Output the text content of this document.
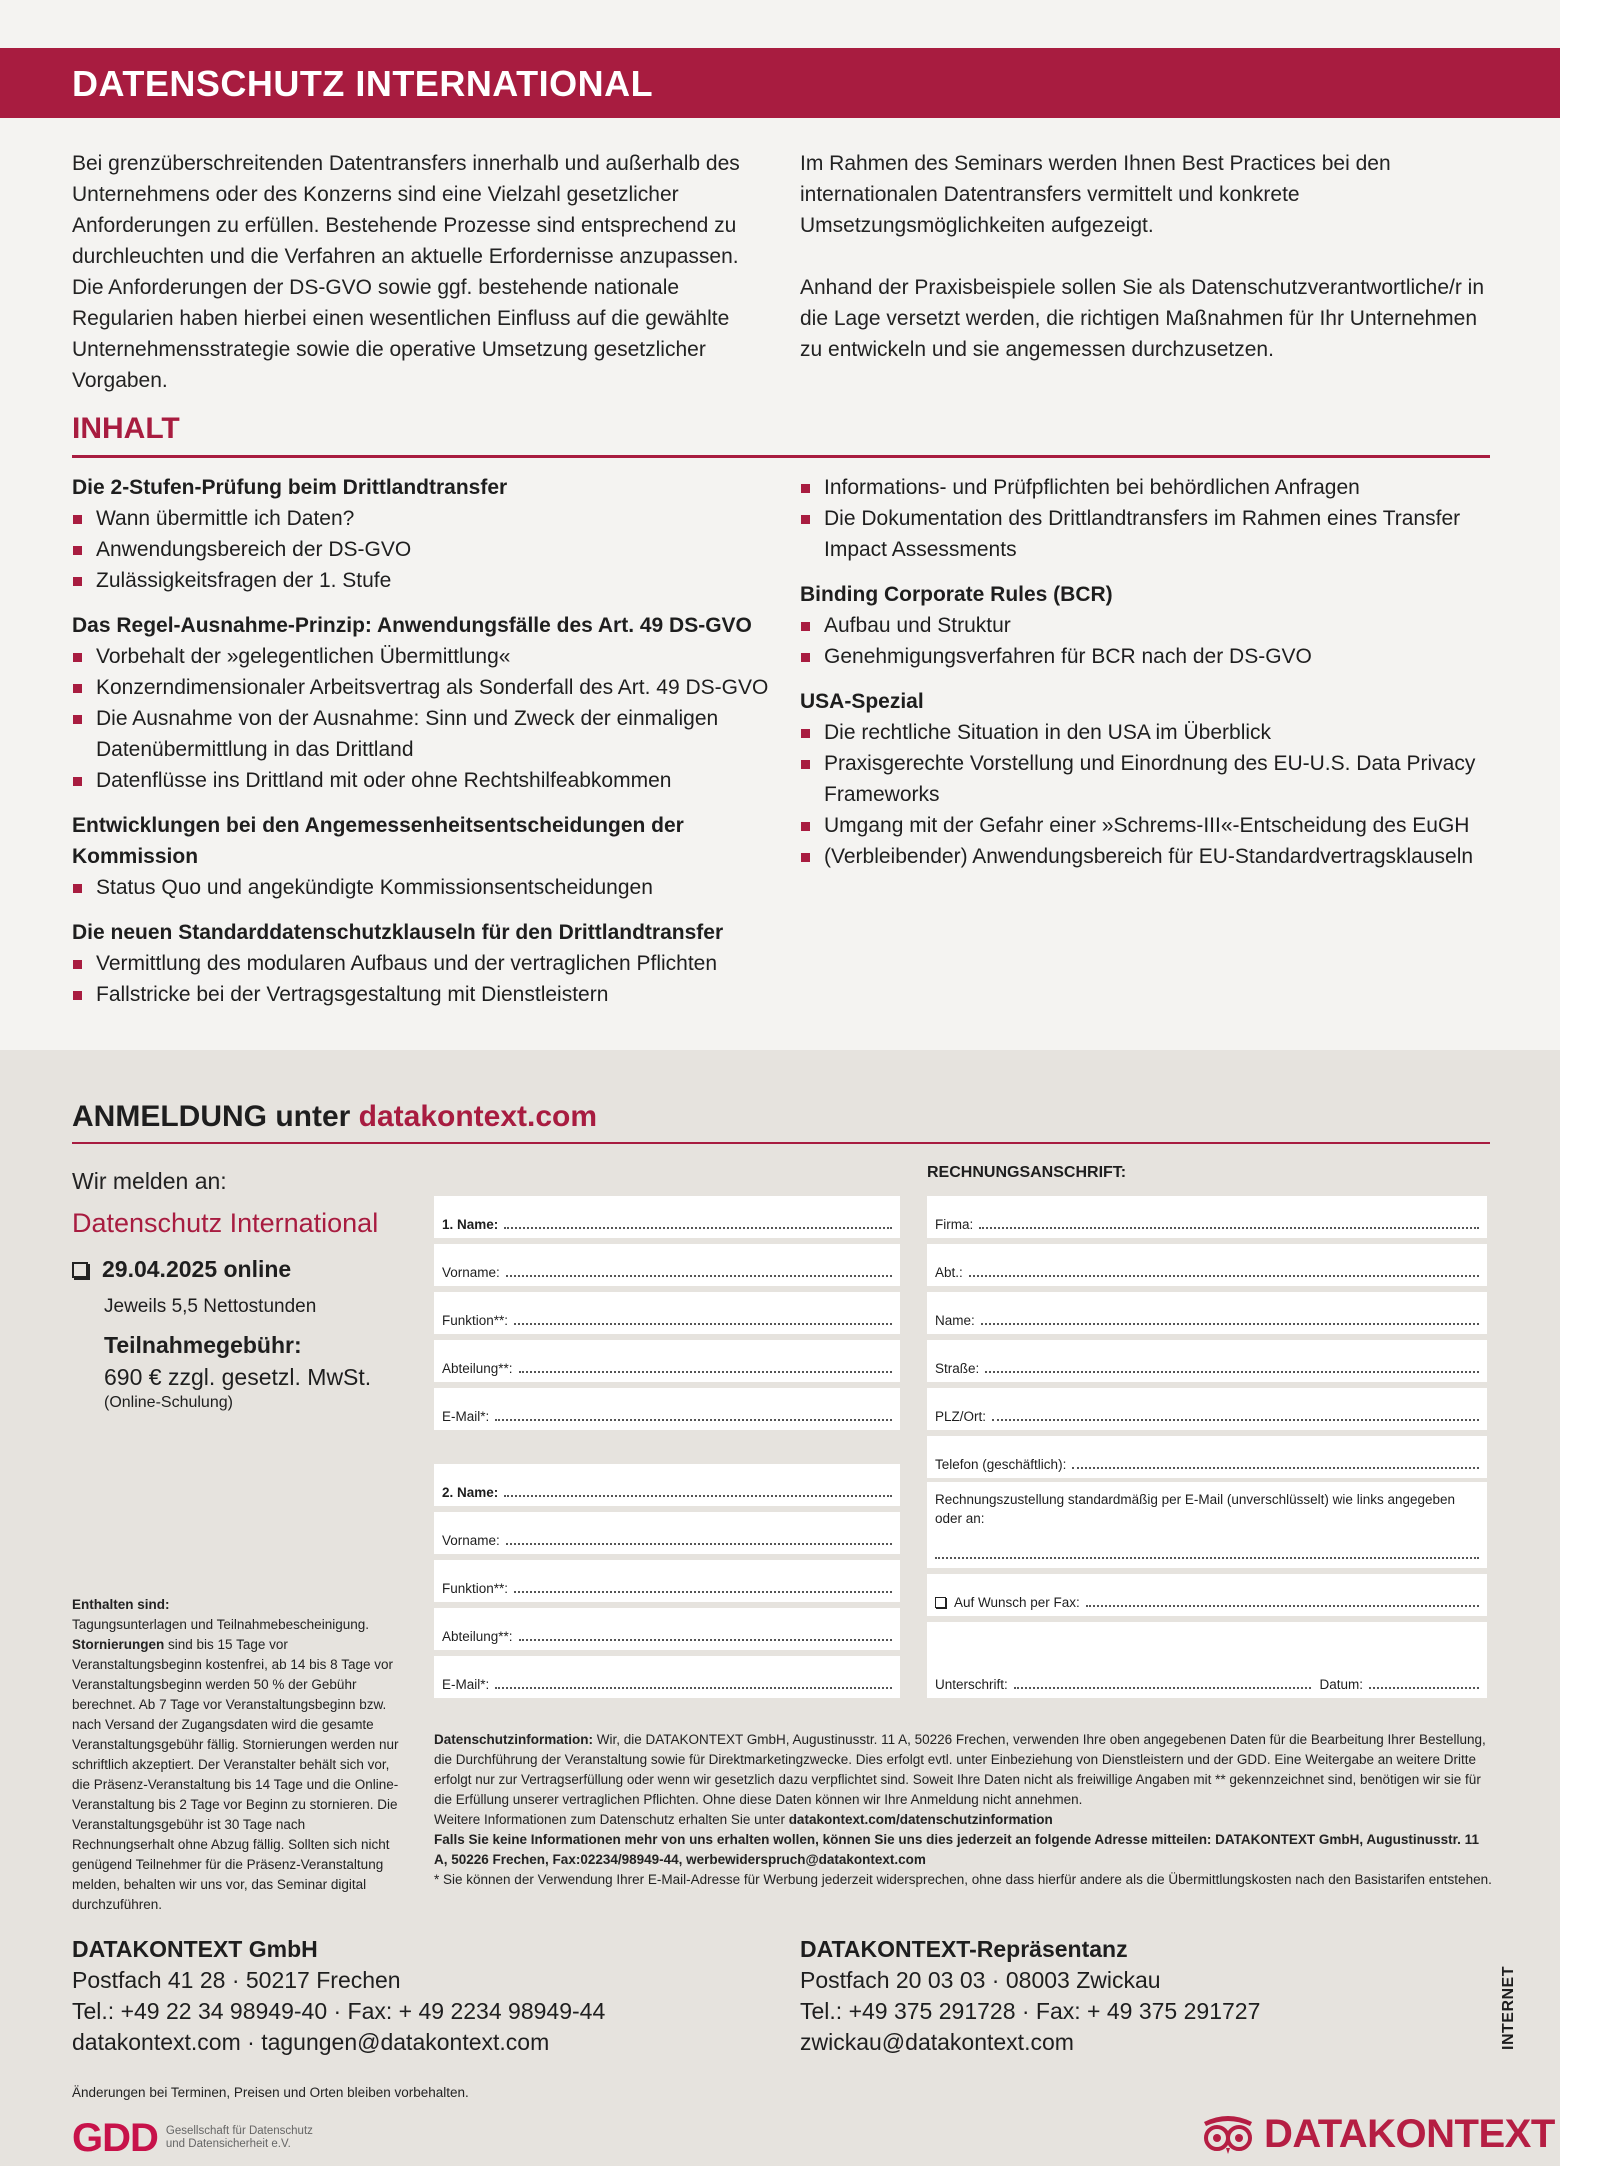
DATENSCHUTZ INTERNATIONAL

Bei grenzüberschreitenden Datentransfers innerhalb und außerhalb des Unternehmens oder des Konzerns sind eine Vielzahl gesetzlicher Anforderungen zu erfüllen. Bestehende Prozesse sind entsprechend zu durchleuchten und die Verfahren an aktuelle Erfordernisse anzupassen. Die Anforderungen der DS-GVO sowie ggf. bestehende nationale Regularien haben hierbei einen wesentlichen Einfluss auf die gewählte Unternehmensstrategie sowie die operative Umsetzung gesetzlicher Vorgaben.

Im Rahmen des Seminars werden Ihnen Best Practices bei den internationalen Datentransfers vermittelt und konkrete Umsetzungsmöglichkeiten aufgezeigt.

Anhand der Praxisbeispiele sollen Sie als Datenschutzverantwortliche/r in die Lage versetzt werden, die richtigen Maßnahmen für Ihr Unternehmen zu entwickeln und sie angemessen durchzusetzen.

INHALT
Die 2-Stufen-Prüfung beim Drittlandtransfer
Wann übermittle ich Daten?
Anwendungsbereich der DS-GVO
Zulässigkeitsfragen der 1. Stufe
Das Regel-Ausnahme-Prinzip: Anwendungsfälle des Art. 49 DS-GVO
Vorbehalt der »gelegentlichen Übermittlung«
Konzerndimensionaler Arbeitsvertrag als Sonderfall des Art. 49 DS-GVO
Die Ausnahme von der Ausnahme: Sinn und Zweck der einmaligen Datenübermittlung in das Drittland
Datenflüsse ins Drittland mit oder ohne Rechtshilfeabkommen
Entwicklungen bei den Angemessenheitsentscheidungen der Kommission
Status Quo und angekündigte Kommissionsentscheidungen
Die neuen Standarddatenschutzklauseln für den Drittlandtransfer
Vermittlung des modularen Aufbaus und der vertraglichen Pflichten
Fallstricke bei der Vertragsgestaltung mit Dienstleistern
Informations- und Prüfpflichten bei behördlichen Anfragen
Die Dokumentation des Drittlandtransfers im Rahmen eines Transfer Impact Assessments
Binding Corporate Rules (BCR)
Aufbau und Struktur
Genehmigungsverfahren für BCR nach der DS-GVO
USA-Spezial
Die rechtliche Situation in den USA im Überblick
Praxisgerechte Vorstellung und Einordnung des EU-U.S. Data Privacy Frameworks
Umgang mit der Gefahr einer »Schrems-III«-Entscheidung des EuGH
(Verbleibender) Anwendungsbereich für EU-Standardvertragsklauseln
ANMELDUNG unter datakontext.com
Wir melden an:
Datenschutz International
29.04.2025 online
Jeweils 5,5 Nettostunden
Teilnahmegebühr:
690 € zzgl. gesetzl. MwSt.
(Online-Schulung)
1. Name:
Vorname:
Funktion**:
Abteilung**:
E-Mail*:
2. Name:
Vorname:
Funktion**:
Abteilung**:
E-Mail*:
RECHNUNGSANSCHRIFT:
Firma:
Abt.:
Name:
Straße:
PLZ/Ort:
Telefon (geschäftlich):
Rechnungszustellung standardmäßig per E-Mail (unverschlüsselt) wie links angegeben oder an:
Auf Wunsch per Fax:
Unterschrift:	Datum:
Enthalten sind:
Tagungsunterlagen und Teilnahmebescheinigung.
Stornierungen sind bis 15 Tage vor Veranstaltungsbeginn kostenfrei, ab 14 bis 8 Tage vor Veranstaltungsbeginn werden 50 % der Gebühr berechnet. Ab 7 Tage vor Veranstaltungsbeginn bzw. nach Versand der Zugangsdaten wird die gesamte Veranstaltungsgebühr fällig. Stornierungen werden nur schriftlich akzeptiert. Der Veranstalter behält sich vor, die Präsenz-Veranstaltung bis 14 Tage und die Online-Veranstaltung bis 2 Tage vor Beginn zu stornieren. Die Veranstaltungsgebühr ist 30 Tage nach Rechnungserhalt ohne Abzug fällig. Sollten sich nicht genügend Teilnehmer für die Präsenz-Veranstaltung melden, behalten wir uns vor, das Seminar digital durchzuführen.
Datenschutzinformation: Wir, die DATAKONTEXT GmbH, Augustinusstr. 11 A, 50226 Frechen, verwenden Ihre oben angegebenen Daten für die Bearbeitung Ihrer Bestellung, die Durchführung der Veranstaltung sowie für Direktmarketingzwecke. Dies erfolgt evtl. unter Einbeziehung von Dienstleistern und der GDD. Eine Weitergabe an weitere Dritte erfolgt nur zur Vertragserfüllung oder wenn wir gesetzlich dazu verpflichtet sind. Soweit Ihre Daten nicht als freiwillige Angaben mit ** gekennzeichnet sind, benötigen wir sie für die Erfüllung unserer vertraglichen Pflichten. Ohne diese Daten können wir Ihre Anmeldung nicht annehmen.
Weitere Informationen zum Datenschutz erhalten Sie unter datakontext.com/datenschutzinformation
Falls Sie keine Informationen mehr von uns erhalten wollen, können Sie uns dies jederzeit an folgende Adresse mitteilen: DATAKONTEXT GmbH, Augustinusstr. 11 A, 50226 Frechen, Fax:02234/98949-44, werbewiderspruch@datakontext.com
* Sie können der Verwendung Ihrer E-Mail-Adresse für Werbung jederzeit widersprechen, ohne dass hierfür andere als die Übermittlungskosten nach den Basistarifen entstehen.
DATAKONTEXT GmbH
Postfach 41 28 · 50217 Frechen
Tel.: +49 22 34 98949-40 · Fax: + 49 2234 98949-44
datakontext.com · tagungen@datakontext.com
DATAKONTEXT-Repräsentanz
Postfach 20 03 03 · 08003 Zwickau
Tel.: +49 375 291728 · Fax: + 49 375 291727
zwickau@datakontext.com	INTERNET
Änderungen bei Terminen, Preisen und Orten bleiben vorbehalten.
GDD Gesellschaft für Datenschutz
und Datensicherheit e.V.	DATAKONTEXT
